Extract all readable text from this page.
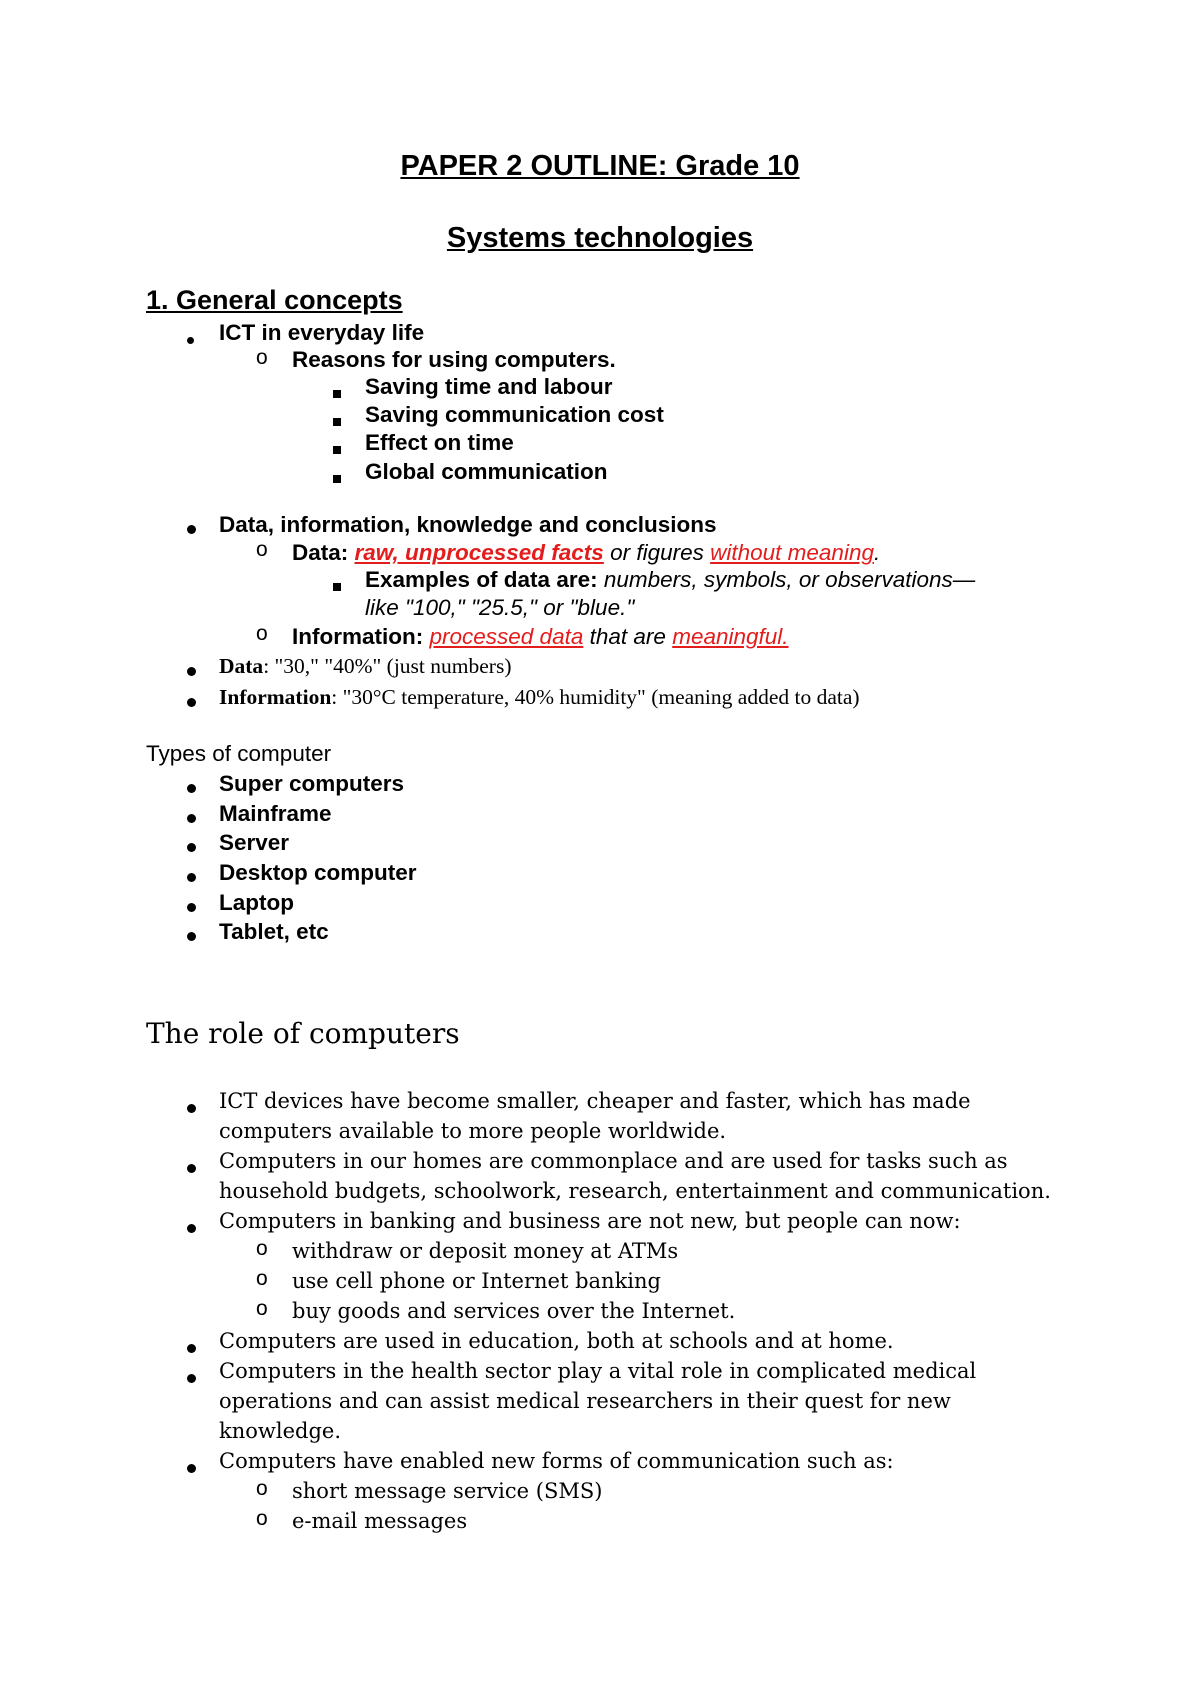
PAPER 2 OUTLINE: Grade 10
Systems technologies
1. General concepts
ICT in everyday life
o Reasons for using computers.
Saving time and labour
Saving communication cost
Effect on time
Global communication
Data, information, knowledge and conclusions
o Data: raw, unprocessed facts or figures without meaning.
Examples of data are: numbers, symbols, or observations—
like "100," "25.5," or "blue."
o Information: processed data that are meaningful.
Data: "30," "40%" (just numbers)
Information: "30°C temperature, 40% humidity" (meaning added to data)
Types of computer
Super computers
Mainframe
Server
Desktop computer
Laptop
Tablet, etc
The role of computers
ICT devices have become smaller, cheaper and faster, which has made
computers available to more people worldwide.
Computers in our homes are commonplace and are used for tasks such as
household budgets, schoolwork, research, entertainment and communication.
Computers in banking and business are not new, but people can now:
o withdraw or deposit money at ATMs
o use cell phone or Internet banking
o buy goods and services over the Internet.
Computers are used in education, both at schools and at home.
Computers in the health sector play a vital role in complicated medical
operations and can assist medical researchers in their quest for new
knowledge.
Computers have enabled new forms of communication such as:
o short message service (SMS)
o e-mail messages
